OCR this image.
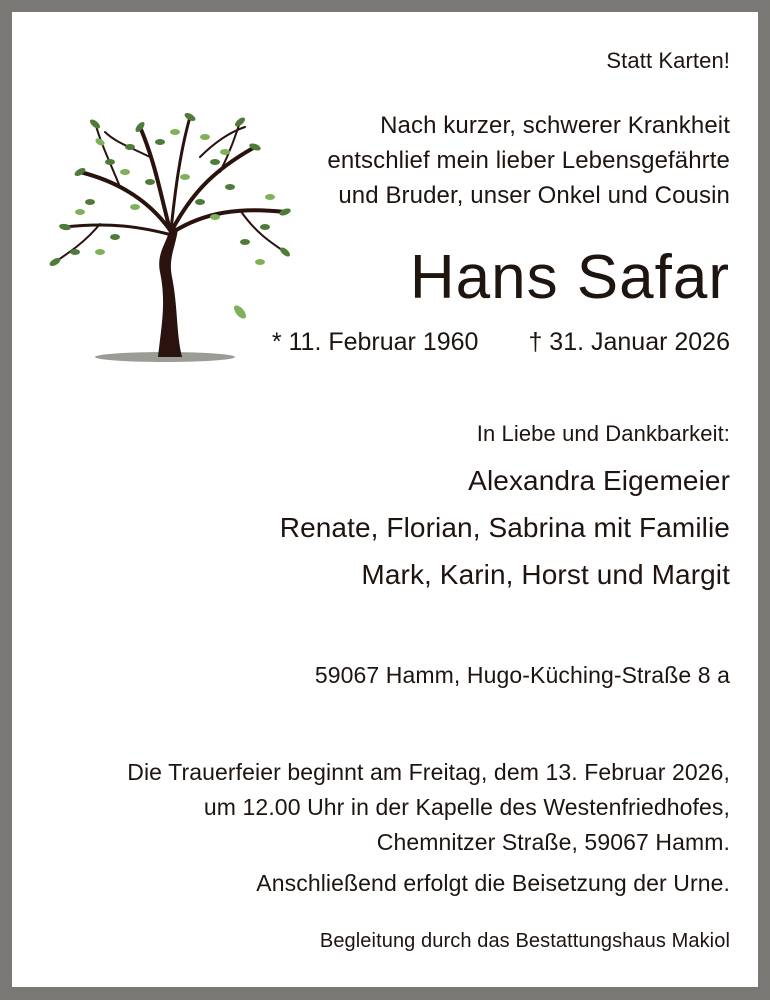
Statt Karten!
Nach kurzer, schwerer Krankheit
entschlief mein lieber Lebensgefährte
und Bruder, unser Onkel und Cousin
Hans Safar
* 11. Februar 1960 † 31. Januar 2026
In Liebe und Dankbarkeit:
Alexandra Eigemeier
Renate, Florian, Sabrina mit Familie
Mark, Karin, Horst und Margit
59067 Hamm, Hugo-Küching-Straße 8 a
Die Trauerfeier beginnt am Freitag, dem 13. Februar 2026,
um 12.00 Uhr in der Kapelle des Westenfriedhofes,
Chemnitzer Straße, 59067 Hamm.
Anschließend erfolgt die Beisetzung der Urne.
Begleitung durch das Bestattungshaus Makiol
